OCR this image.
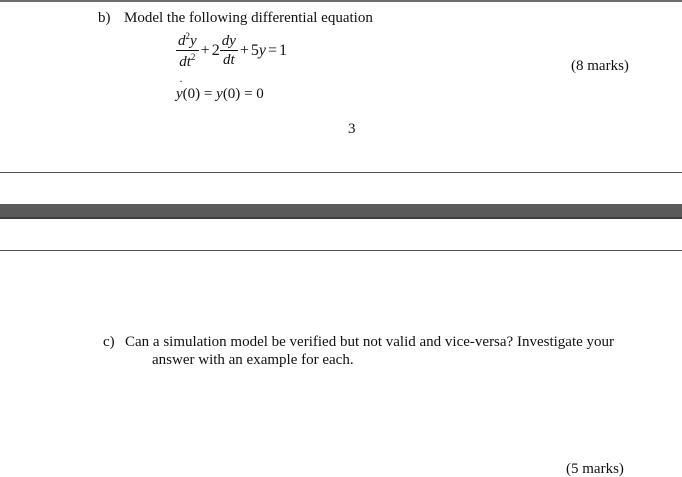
b) Model the following differential equation
$\frac{d^2y}{dt^2} + 2 \frac{dy}{dt} + 5$ y = 1
˙ y(0) = y(0) = 0
(8 marks)
3
c) Can a simulation model be verified but not valid and vice-versa? Investigate your
answer with an example for each.
(5 marks)
